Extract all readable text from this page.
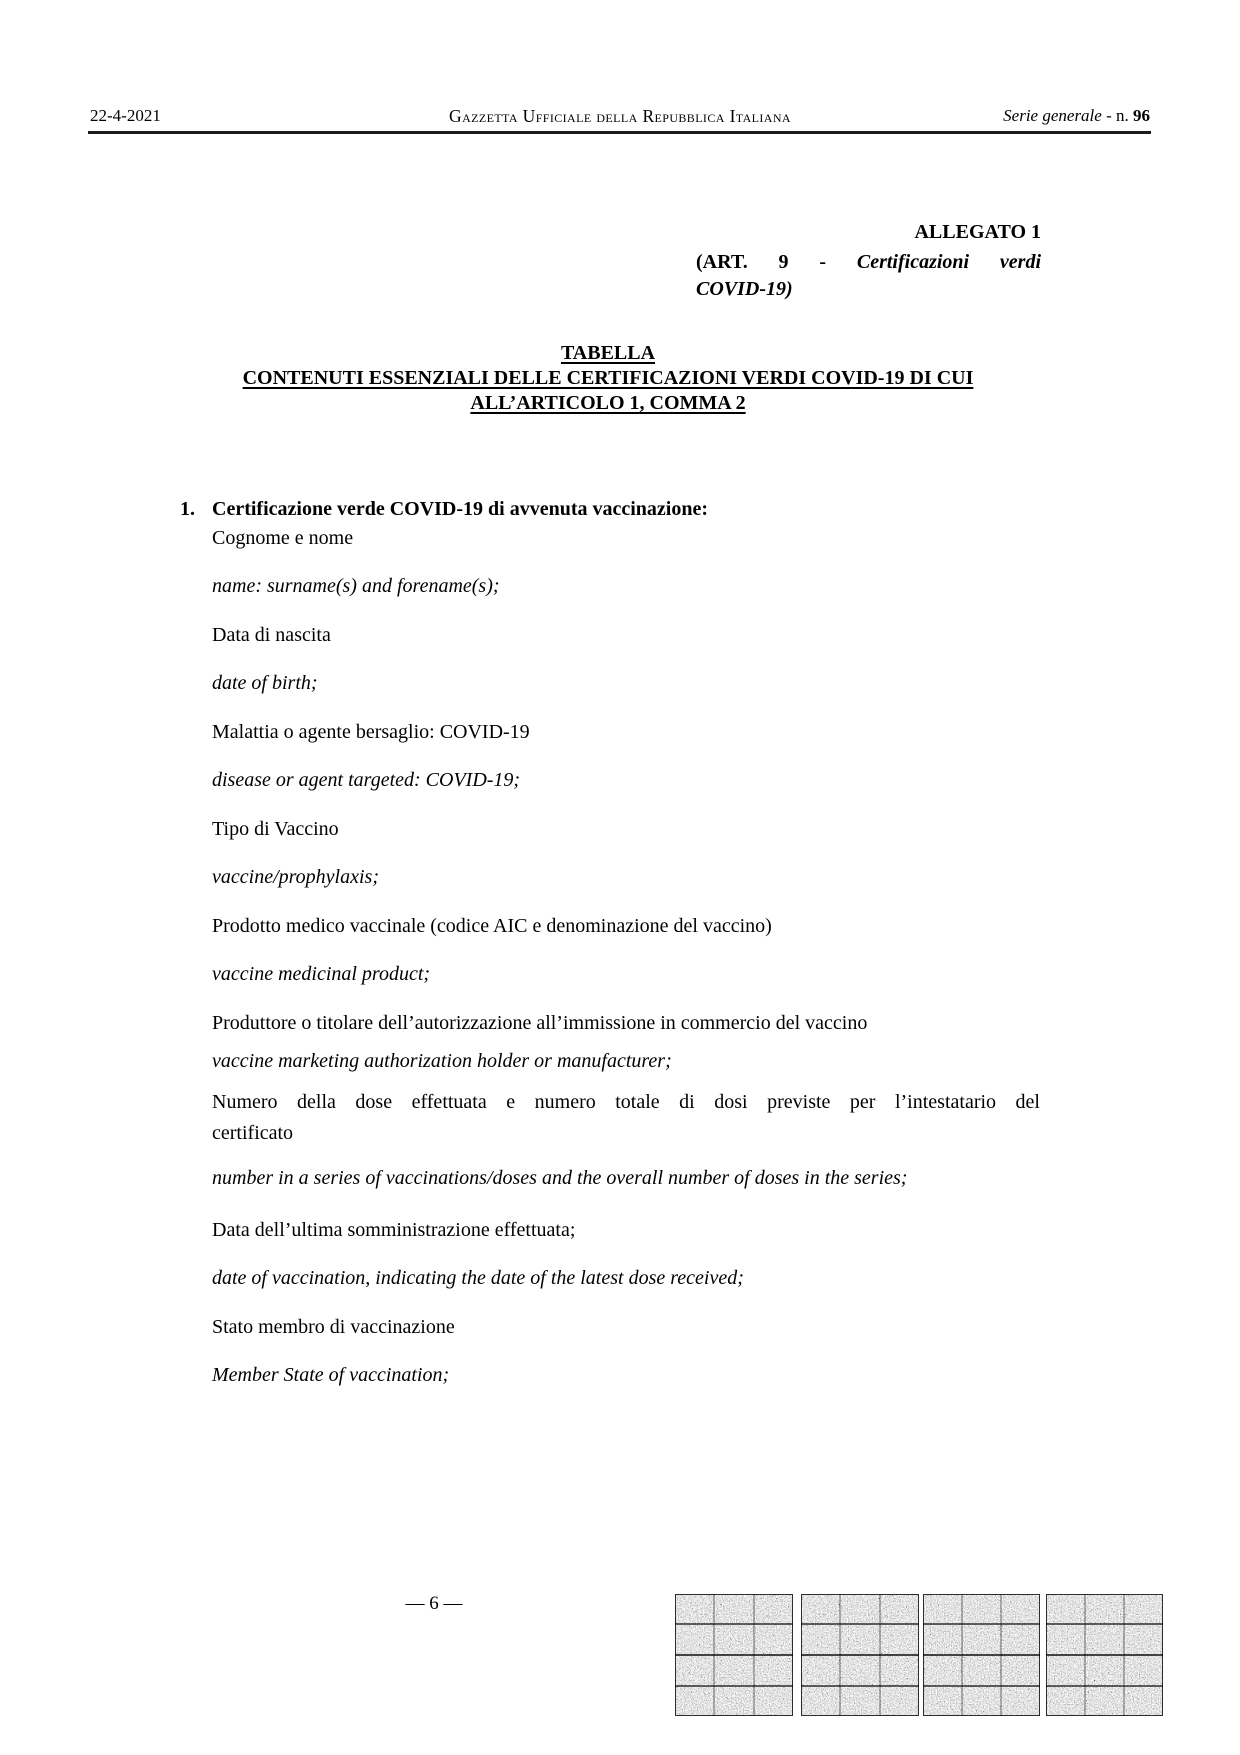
22-4-2021	Gazzetta Ufficiale della Repubblica Italiana	Serie generale - n. 96
ALLEGATO 1
(ART. 9 - Certificazioni verdi
COVID-19)
TABELLA
CONTENUTI ESSENZIALI DELLE CERTIFICAZIONI VERDI COVID-19 DI CUI
ALL’ARTICOLO 1, COMMA 2
1. Certificazione verde COVID-19 di avvenuta vaccinazione:

Cognome e nome

name: surname(s) and forename(s);

Data di nascita

date of birth;

Malattia o agente bersaglio: COVID-19

disease or agent targeted: COVID-19;

Tipo di Vaccino

vaccine/prophylaxis;

Prodotto medico vaccinale (codice AIC e denominazione del vaccino)

vaccine medicinal product;

Produttore o titolare dell’autorizzazione all’immissione in commercio del vaccino

vaccine marketing authorization holder or manufacturer;

Numero della dose effettuata e numero totale di dosi previste per l’intestatario del
certificato

number in a series of vaccinations/doses and the overall number of doses in the series;

Data dell’ultima somministrazione effettuata;

date of vaccination, indicating the date of the latest dose received;

Stato membro di vaccinazione

Member State of vaccination;

— 6 —
